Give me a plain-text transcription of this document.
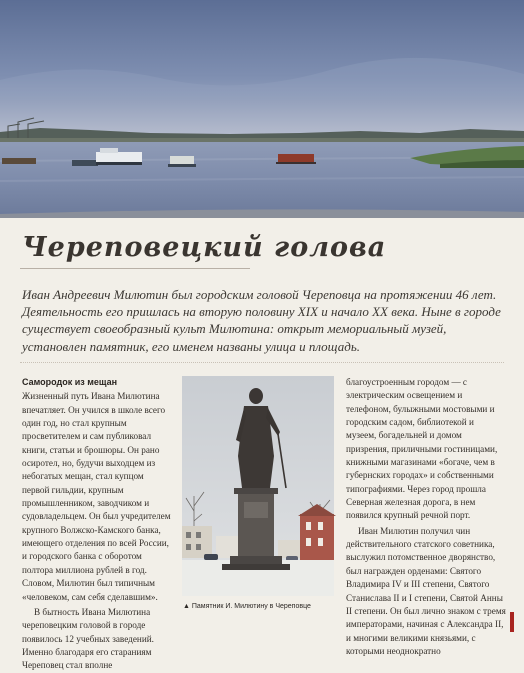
Череповецкий голова

Иван Андреевич Милютин был городским головой Череповца на протяжении 46 лет. Деятельность его пришлась на вторую половину XIX и начало XX века. Ныне в городе существует своеобразный культ Милютина: открыт мемориальный музей, установлен памятник, его именем названы улица и площадь.

Самородок из мещан

Жизненный путь Ивана Милютина впечатляет. Он учился в школе всего один год, но стал крупным просветителем и сам публиковал книги, статьи и брошюры. Он рано осиротел, но, будучи выходцем из небогатых мещан, стал купцом первой гильдии, крупным промышленником, заводчиком и судовладельцем. Он был учредителем крупного Волжско-Камского банка, имеющего отделения по всей России, и городского банка с оборотом полтора миллиона рублей в год. Словом, Милютин был типичным «человеком, сам себя сделавшим».

В бытность Ивана Милютина череповецким головой в городе появилось 12 учебных заведений. Именно благодаря его стараниям Череповец стал вполне

▲ Памятник И. Милютину в Череповце

благоустроенным городом — с электрическим освещением и телефоном, булыжными мостовыми и городским садом, библиотекой и музеем, богадельней и домом призрения, приличными гостиницами, книжными магазинами «богаче, чем в губернских городах» и собственными типографиями. Через город прошла Северная железная дорога, в нем появился крупный речной порт.

Иван Милютин получил чин действительного статского советника, выслужил потомственное дворянство, был награжден орденами: Святого Владимира IV и III степени, Святого Станислава II и I степени, Святой Анны II степени. Он был лично знаком с тремя императорами, начиная с Александра II, и многими великими князьями, с которыми неоднократно
